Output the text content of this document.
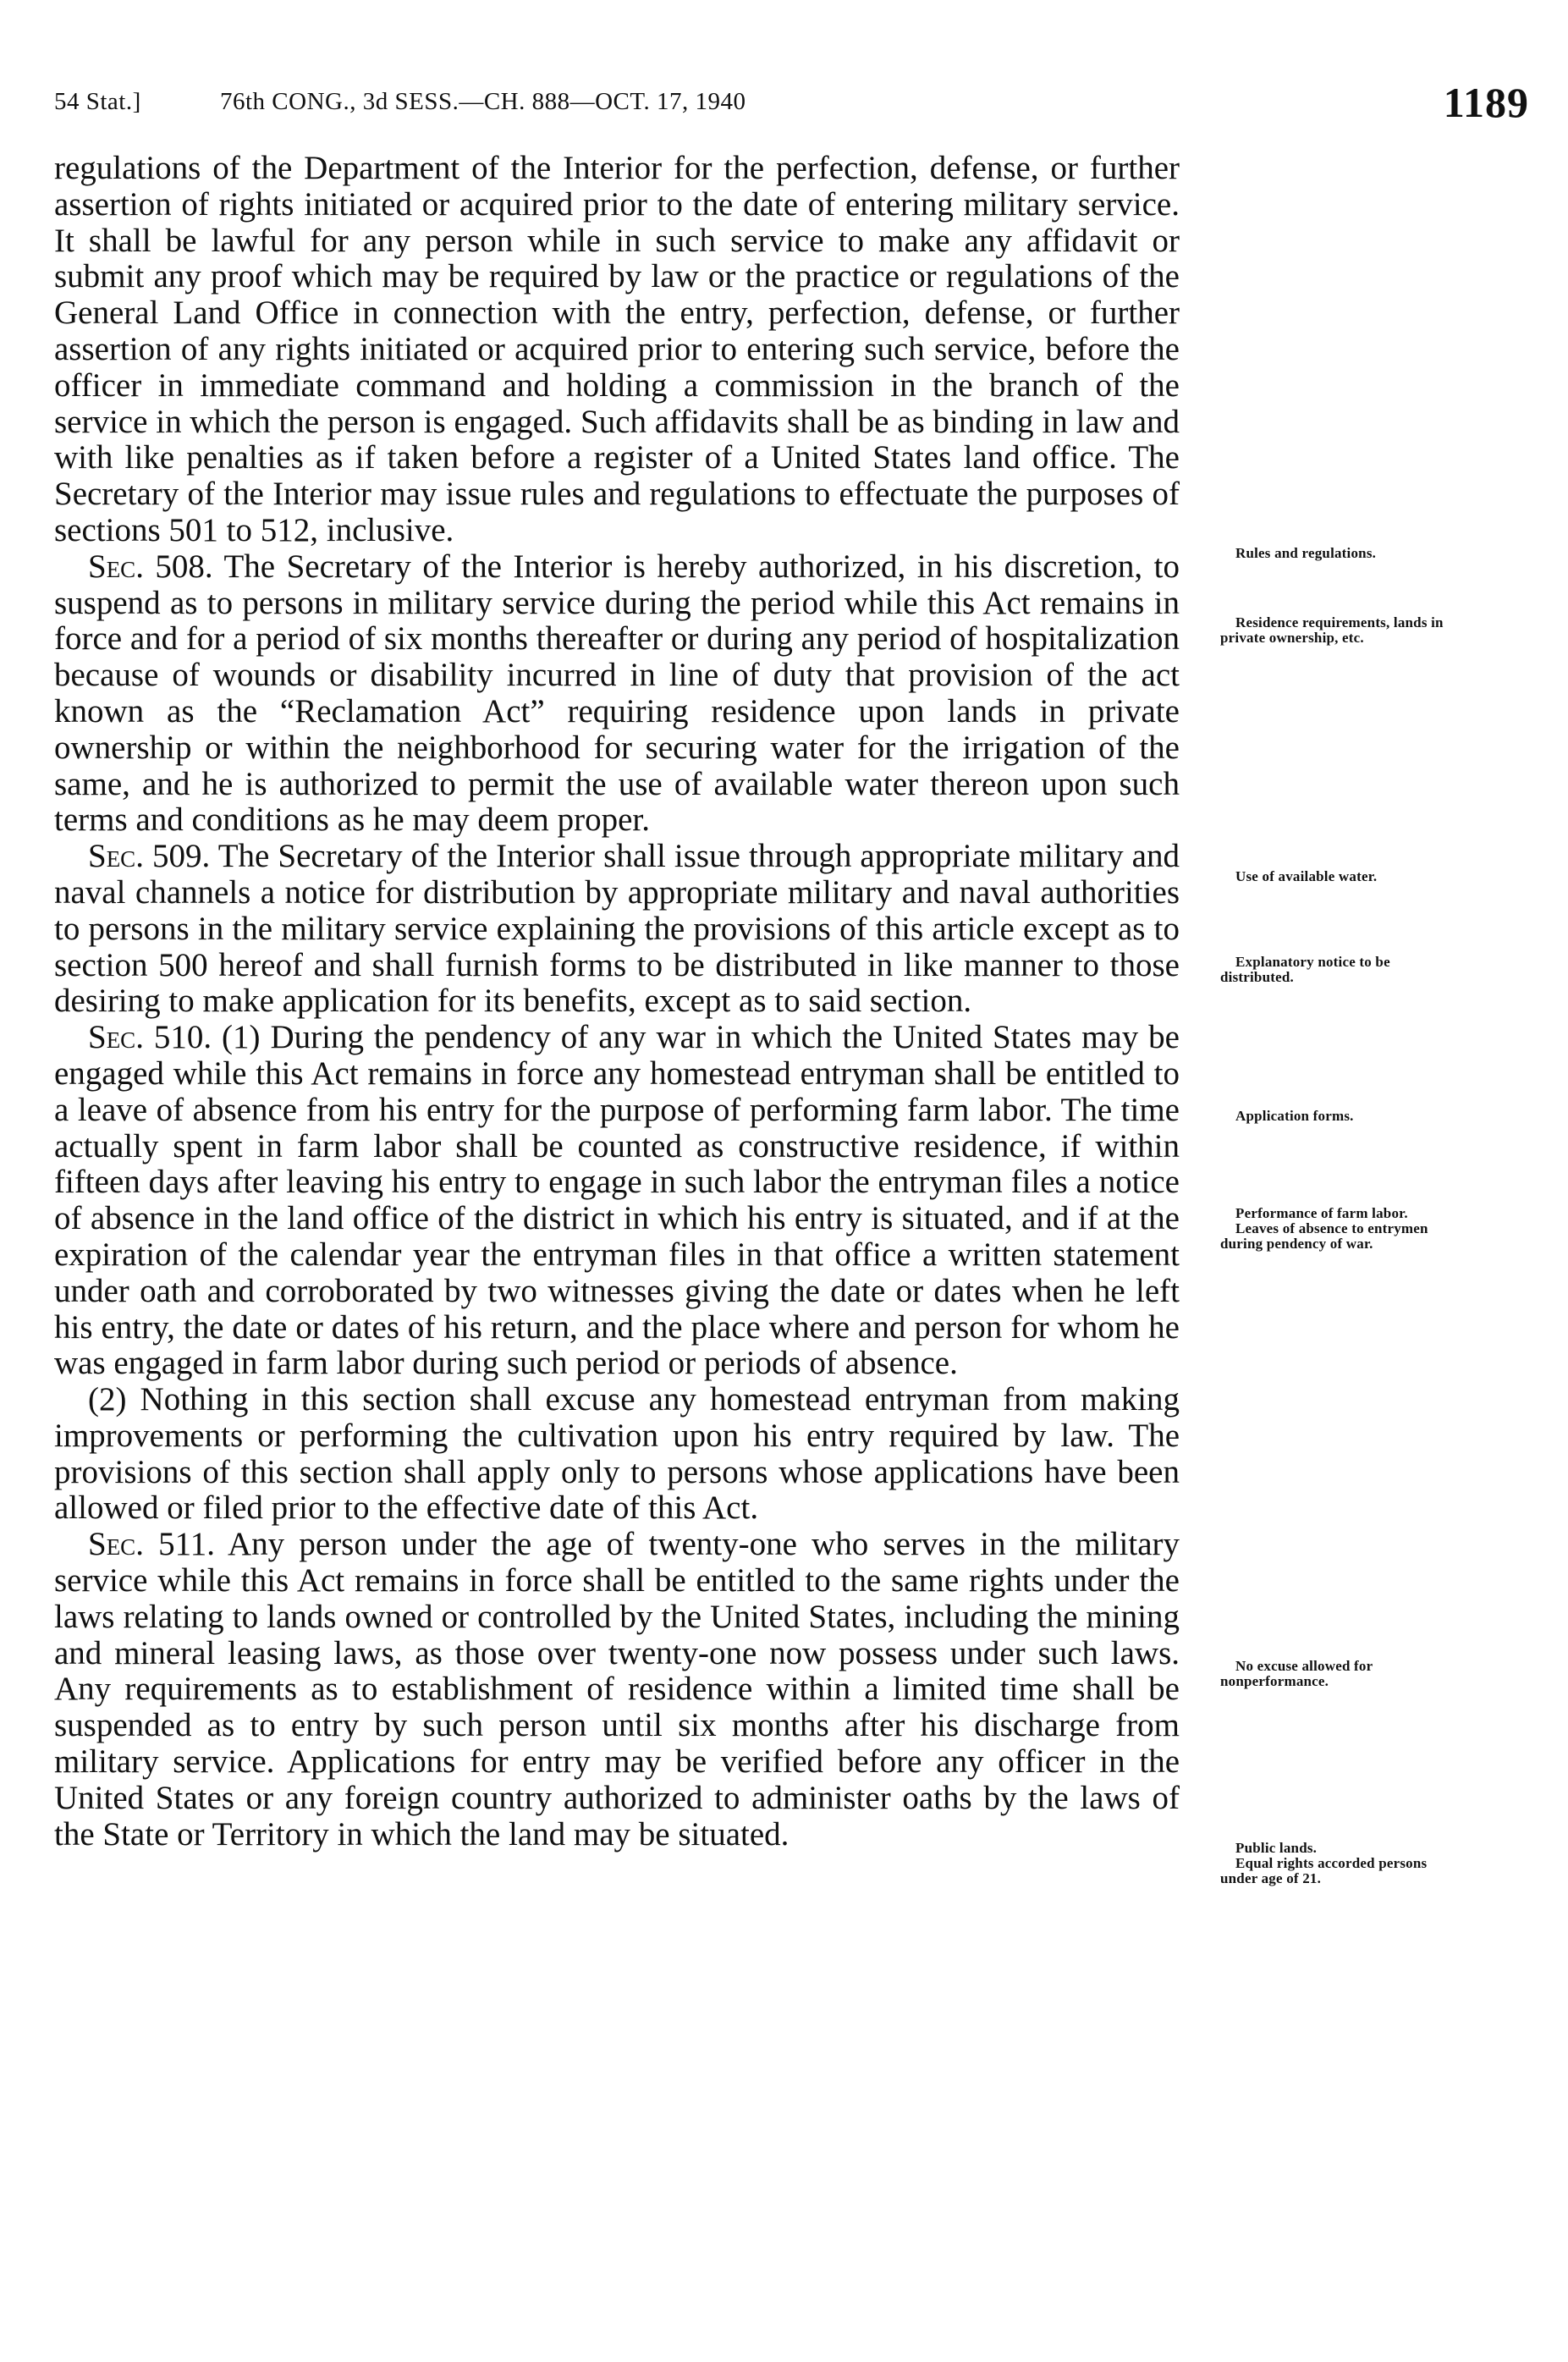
54 Stat.]	76th CONG., 3d SESS.—CH. 888—OCT. 17, 1940	1189

regulations of the Department of the Interior for the perfection, defense, or further assertion of rights initiated or acquired prior to the date of entering military service. It shall be lawful for any person while in such service to make any affidavit or submit any proof which may be required by law or the practice or regulations of the General Land Office in connection with the entry, perfection, defense, or further assertion of any rights initiated or acquired prior to entering such service, before the officer in immediate command and holding a commission in the branch of the service in which the person is engaged. Such affidavits shall be as binding in law and with like penalties as if taken before a register of a United States land office. The Secretary of the Interior may issue rules and regulations to effectuate the purposes of sections 501 to 512, inclusive.

Sec. 508. The Secretary of the Interior is hereby authorized, in his discretion, to suspend as to persons in military service during the period while this Act remains in force and for a period of six months thereafter or during any period of hospitalization because of wounds or disability incurred in line of duty that provision of the act known as the “Reclamation Act” requiring residence upon lands in private ownership or within the neighborhood for securing water for the irrigation of the same, and he is authorized to permit the use of available water thereon upon such terms and conditions as he may deem proper.

Sec. 509. The Secretary of the Interior shall issue through appropriate military and naval channels a notice for distribution by appropriate military and naval authorities to persons in the military service explaining the provisions of this article except as to section 500 hereof and shall furnish forms to be distributed in like manner to those desiring to make application for its benefits, except as to said section.

Sec. 510. (1) During the pendency of any war in which the United States may be engaged while this Act remains in force any homestead entryman shall be entitled to a leave of absence from his entry for the purpose of performing farm labor. The time actually spent in farm labor shall be counted as constructive residence, if within fifteen days after leaving his entry to engage in such labor the entryman files a notice of absence in the land office of the district in which his entry is situated, and if at the expiration of the calendar year the entryman files in that office a written statement under oath and corroborated by two witnesses giving the date or dates when he left his entry, the date or dates of his return, and the place where and person for whom he was engaged in farm labor during such period or periods of absence.

(2) Nothing in this section shall excuse any homestead entryman from making improvements or performing the cultivation upon his entry required by law. The provisions of this section shall apply only to persons whose applications have been allowed or filed prior to the effective date of this Act.

Sec. 511. Any person under the age of twenty-one who serves in the military service while this Act remains in force shall be entitled to the same rights under the laws relating to lands owned or controlled by the United States, including the mining and mineral leasing laws, as those over twenty-one now possess under such laws. Any requirements as to establishment of residence within a limited time shall be suspended as to entry by such person until six months after his discharge from military service. Applications for entry may be verified before any officer in the United States or any foreign country authorized to administer oaths by the laws of the State or Territory in which the land may be situated.

Rules and regulations.
Residence requirements, lands in private ownership, etc.
Use of available water.
Explanatory notice to be distributed.
Application forms.
Performance of farm labor.
Leaves of absence to entrymen during pendency of war.
No excuse allowed for nonperformance.
Public lands.
Equal rights accorded persons under age of 21.
